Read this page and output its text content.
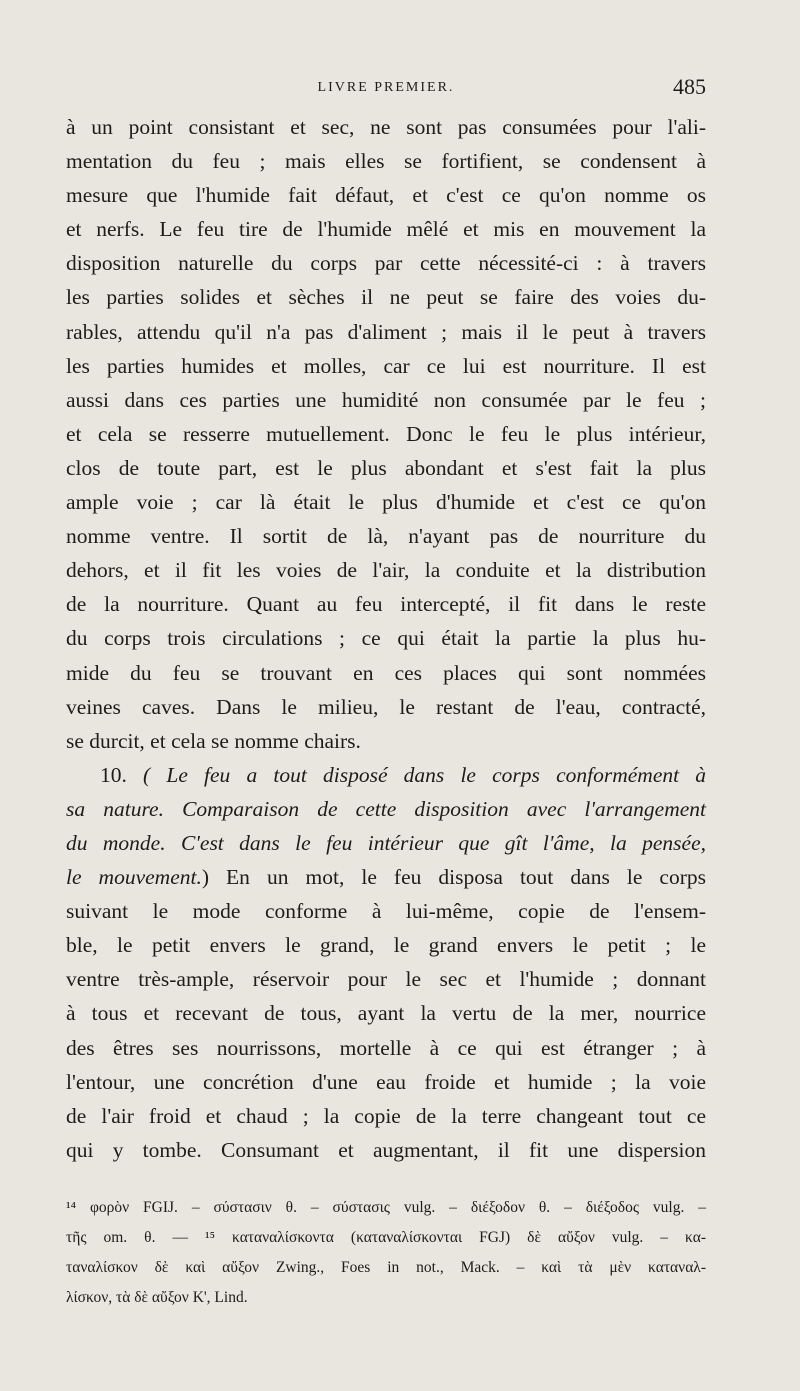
LIVRE PREMIER.	485
à un point consistant et sec, ne sont pas consumées pour l'ali-
mentation du feu ; mais elles se fortifient, se condensent à
mesure que l'humide fait défaut, et c'est ce qu'on nomme os
et nerfs. Le feu tire de l'humide mêlé et mis en mouvement la
disposition naturelle du corps par cette nécessité-ci : à travers
les parties solides et sèches il ne peut se faire des voies du-
rables, attendu qu'il n'a pas d'aliment ; mais il le peut à travers
les parties humides et molles, car ce lui est nourriture. Il est
aussi dans ces parties une humidité non consumée par le feu ;
et cela se resserre mutuellement. Donc le feu le plus intérieur,
clos de toute part, est le plus abondant et s'est fait la plus
ample voie ; car là était le plus d'humide et c'est ce qu'on
nomme ventre. Il sortit de là, n'ayant pas de nourriture du
dehors, et il fit les voies de l'air, la conduite et la distribution
de la nourriture. Quant au feu intercepté, il fit dans le reste
du corps trois circulations ; ce qui était la partie la plus hu-
mide du feu se trouvant en ces places qui sont nommées
veines caves. Dans le milieu, le restant de l'eau, contracté,
se durcit, et cela se nomme chairs.
10. ( Le feu a tout disposé dans le corps conformément à
sa nature. Comparaison de cette disposition avec l'arrangement
du monde. C'est dans le feu intérieur que gît l'âme, la pensée,
le mouvement.) En un mot, le feu disposa tout dans le corps
suivant le mode conforme à lui-même, copie de l'ensem-
ble, le petit envers le grand, le grand envers le petit ; le
ventre très-ample, réservoir pour le sec et l'humide ; donnant
à tous et recevant de tous, ayant la vertu de la mer, nourrice
des êtres ses nourrissons, mortelle à ce qui est étranger ; à
l'entour, une concrétion d'une eau froide et humide ; la voie
de l'air froid et chaud ; la copie de la terre changeant tout ce
qui y tombe. Consumant et augmentant, il fit une dispersion
¹⁴ φορὸν FGIJ. – σύστασιν θ. – σύστασις vulg. – διέξοδον θ. – διέξοδος vulg. –
τῆς om. θ. — ¹⁵ καταναλίσκοντα (καταναλίσκονται FGJ) δὲ αὔξον vulg. – κα-
ταναλίσκον δὲ καὶ αὔξον Zwing., Foes in not., Mack. – καὶ τὰ μὲν καταναλ-
λίσκον, τὰ δὲ αὔξον K', Lind.
